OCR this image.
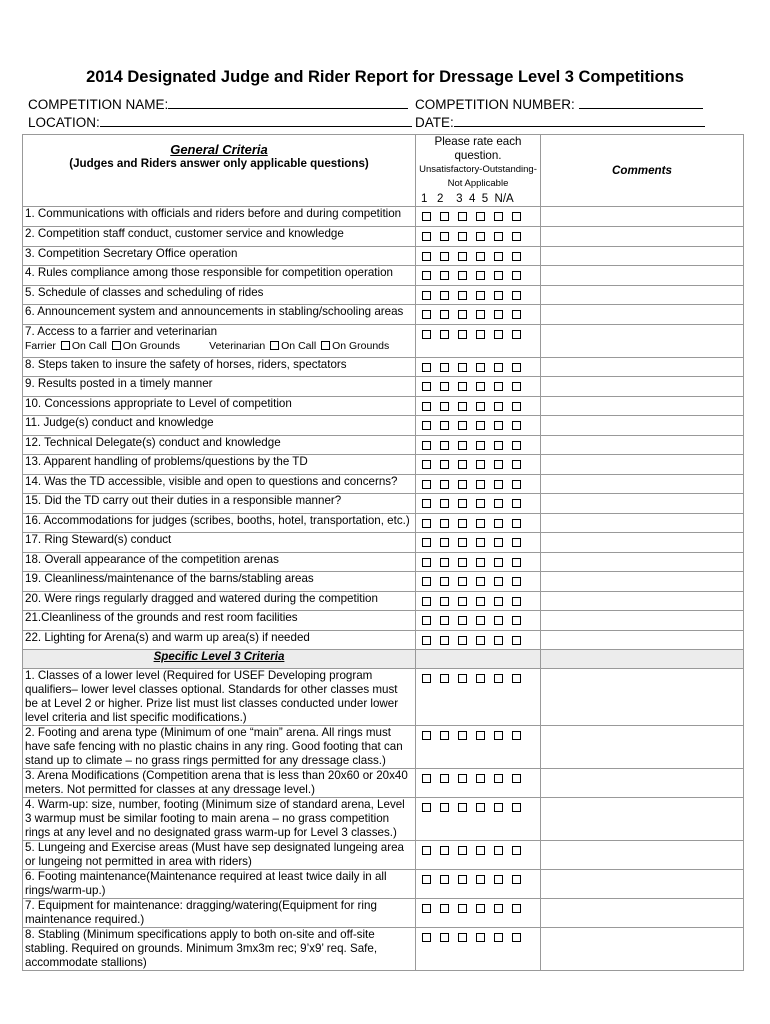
2014 Designated Judge and Rider Report for Dressage Level 3 Competitions
COMPETITION NAME:	COMPETITION NUMBER:
LOCATION:	DATE:
General Criteria
(Judges and Riders answer only applicable questions)	Please rate each question.
Unsatisfactory-Outstanding-
Not Applicable
1   2    3  4  5  N/A	Comments
1. Communications with officials and riders before and during competition	

2. Competition staff conduct, customer service and knowledge	

3. Competition Secretary Office operation	

4. Rules compliance among those responsible for competition operation	

5. Schedule of classes and scheduling of rides	

6. Announcement system and announcements in stabling/schooling areas	

7. Access to a farrier and veterinarian
Farrier On Call On Grounds Veterinarian On Call On Grounds		

8. Steps taken to insure the safety of horses, riders, spectators	

9. Results posted in a timely manner	

10. Concessions appropriate to Level of competition	

11. Judge(s) conduct and knowledge	

12. Technical Delegate(s) conduct and knowledge	

13. Apparent handling of problems/questions by the TD	

14. Was the TD accessible, visible and open to questions and concerns?	

15. Did the TD carry out their duties in a responsible manner?	

16. Accommodations for judges (scribes, booths, hotel, transportation, etc.)	

17. Ring Steward(s) conduct	

18. Overall appearance of the competition arenas	

19. Cleanliness/maintenance of the barns/stabling areas	

20. Were rings regularly dragged and watered during the competition	

21.Cleanliness of the grounds and rest room facilities	

22. Lighting for Arena(s) and warm up area(s) if needed	

Specific Level 3 Criteria		
1. Classes of a lower level (Required for USEF Developing program qualifiers– lower level classes optional. Standards for other classes must be at Level 2 or higher. Prize list must list classes conducted under lower level criteria and list specific modifications.)	

2. Footing and arena type (Minimum of one “main” arena. All rings must have safe fencing with no plastic chains in any ring. Good footing that can stand up to climate – no grass rings permitted for any dressage class.)	

3. Arena Modifications (Competition arena that is less than 20x60 or 20x40 meters. Not permitted for classes at any dressage level.)	

4. Warm-up: size, number, footing (Minimum size of standard arena, Level 3 warmup must be similar footing to main arena – no grass competition rings at any level and no designated grass warm-up for Level 3 classes.)	

5. Lungeing and Exercise areas (Must have sep designated lungeing area or lungeing not permitted in area with riders)	

6. Footing maintenance(Maintenance required at least twice daily in all rings/warm-up.)	

7. Equipment for maintenance: dragging/watering(Equipment for ring maintenance required.)	

8. Stabling (Minimum specifications apply to both on-site and off-site stabling. Required on grounds. Minimum 3mx3m rec; 9’x9’ req. Safe, accommodate stallions)	
